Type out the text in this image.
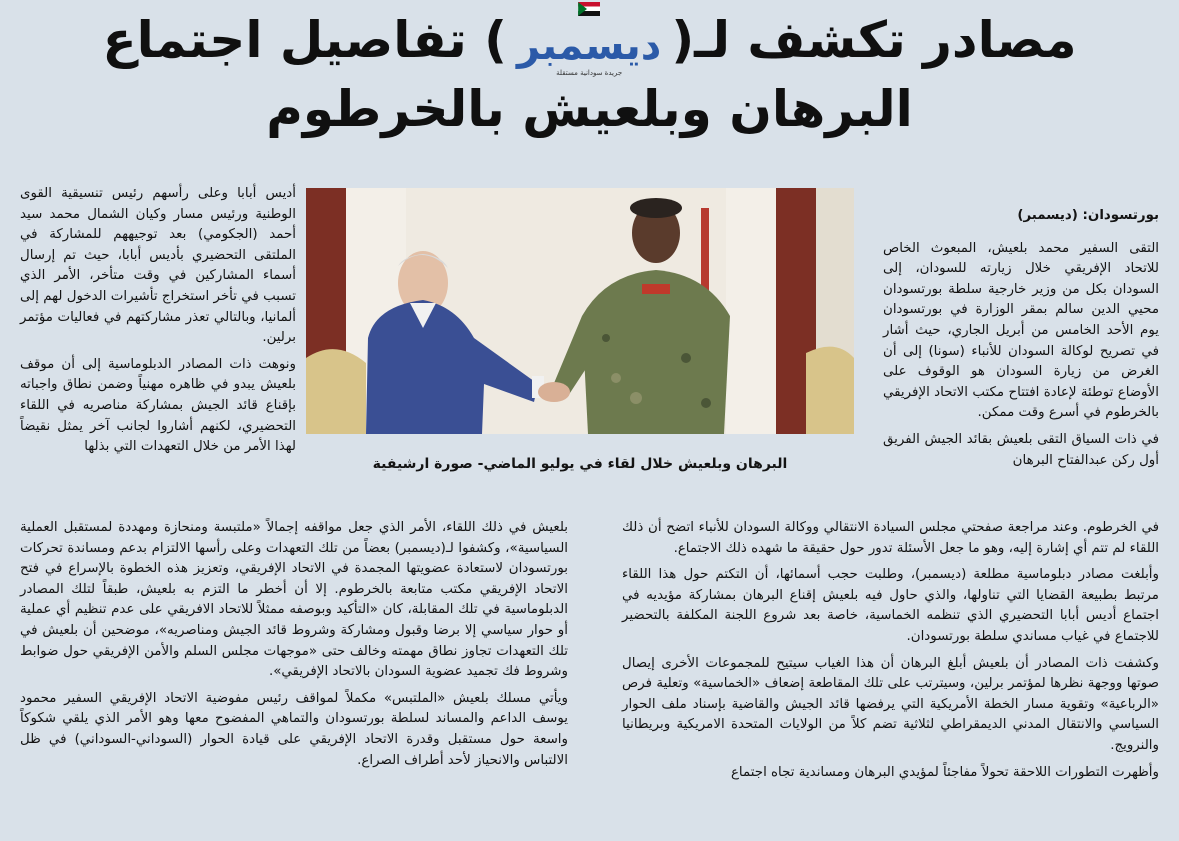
مصادر تكشف لـ(
ديسمبر
جريدة سودانية مستقلة
) تفاصيل اجتماع
البرهان وبلعيش بالخرطوم

بورتسودان: (ديسمبر)

التقى السفير محمد بلعيش، المبعوث الخاص للاتحاد الإفريقي خلال زيارته للسودان، إلى السودان بكل من وزير خارجية سلطة بورتسودان محيي الدين سالم بمقر الوزارة في بورتسودان يوم الأحد الخامس من أبريل الجاري، حيث أشار في تصريح لوكالة السودان للأنباء (سونا) إلى أن الغرض من زيارة السودان هو الوقوف على الأوضاع توطئة لإعادة افتتاح مكتب الاتحاد الإفريقي بالخرطوم في أسرع وقت ممكن.

في ذات السياق التقى بلعيش بقائد الجيش الفريق أول ركن عبدالفتاح البرهان

أديس أبابا وعلى رأسهم رئيس تنسيقية القوى الوطنية ورئيس مسار وكيان الشمال محمد سيد أحمد (الجكومي) بعد توجيههم للمشاركة في الملتقى التحضيري بأديس أبابا، حيث تم إرسال أسماء المشاركين في وقت متأخر، الأمر الذي تسبب في تأخر استخراج تأشيرات الدخول لهم إلى ألمانيا، وبالتالي تعذر مشاركتهم في فعاليات مؤتمر برلين.

ونوهت ذات المصادر الدبلوماسية إلى أن موقف بلعيش يبدو في ظاهره مهنياً وضمن نطاق واجباته بإقناع قائد الجيش بمشاركة مناصريه في اللقاء التحضيري، لكنهم أشاروا لجانب آخر يمثل نقيضاً لهذا الأمر من خلال التعهدات التي بذلها

البرهان وبلعيش خلال لقاء في يوليو الماضي- صورة ارشيفية

في الخرطوم. وعند مراجعة صفحتي مجلس السيادة الانتقالي ووكالة السودان للأنباء اتضح أن ذلك اللقاء لم تتم أي إشارة إليه، وهو ما جعل الأسئلة تدور حول حقيقة ما شهده ذلك الاجتماع.

وأبلغت مصادر دبلوماسية مطلعة (ديسمبر)، وطلبت حجب أسمائها، أن التكتم حول هذا اللقاء مرتبط بطبيعة القضايا التي تناولها، والذي حاول فيه بلعيش إقناع البرهان بمشاركة مؤيديه في اجتماع أديس أبابا التحضيري الذي تنظمه الخماسية، خاصة بعد شروع اللجنة المكلفة بالتحضير للاجتماع في غياب مساندي سلطة بورتسودان.

وكشفت ذات المصادر أن بلعيش أبلغ البرهان أن هذا الغياب سيتيح للمجموعات الأخرى إيصال صوتها ووجهة نظرها لمؤتمر برلين، وسيترتب على تلك المقاطعة إضعاف «الخماسية» وتعلية فرص «الرباعية» وتقوية مسار الخطة الأمريكية التي يرفضها قائد الجيش والقاضية بإسناد ملف الحوار السياسي والانتقال المدني الديمقراطي لثلاثية تضم كلاً من الولايات المتحدة الامريكية وبريطانيا والنرويج.

وأظهرت التطورات اللاحقة تحولاً مفاجئاً لمؤيدي البرهان ومساندية تجاه اجتماع

بلعيش في ذلك اللقاء، الأمر الذي جعل مواقفه إجمالاً «ملتبسة ومنحازة ومهددة لمستقبل العملية السياسية»، وكشفوا لـ(ديسمبر) بعضاً من تلك التعهدات وعلى رأسها الالتزام بدعم ومساندة تحركات بورتسودان لاستعادة عضويتها المجمدة في الاتحاد الإفريقي، وتعزيز هذه الخطوة بالإسراع في فتح الاتحاد الإفريقي مكتب متابعة بالخرطوم. إلا أن أخطر ما التزم به بلعيش، طبقاً لتلك المصادر الدبلوماسية في تلك المقابلة، كان «التأكيد وبوصفه ممثلاً للاتحاد الافريقي على عدم تنظيم أي عملية أو حوار سياسي إلا برضا وقبول ومشاركة وشروط قائد الجيش ومناصريه»، موضحين أن بلعيش في تلك التعهدات تجاوز نطاق مهمته وخالف حتى «موجهات مجلس السلم والأمن الإفريقي حول ضوابط وشروط فك تجميد عضوية السودان بالاتحاد الإفريقي».

ويأتي مسلك بلعيش «الملتبس» مكملاً لمواقف رئيس مفوضية الاتحاد الإفريقي السفير محمود يوسف الداعم والمساند لسلطة بورتسودان والتماهي المفضوح معها وهو الأمر الذي يلقي شكوكاً واسعة حول مستقبل وقدرة الاتحاد الإفريقي على قيادة الحوار (السوداني-السوداني) في ظل الالتباس والانحياز لأحد أطراف الصراع.
